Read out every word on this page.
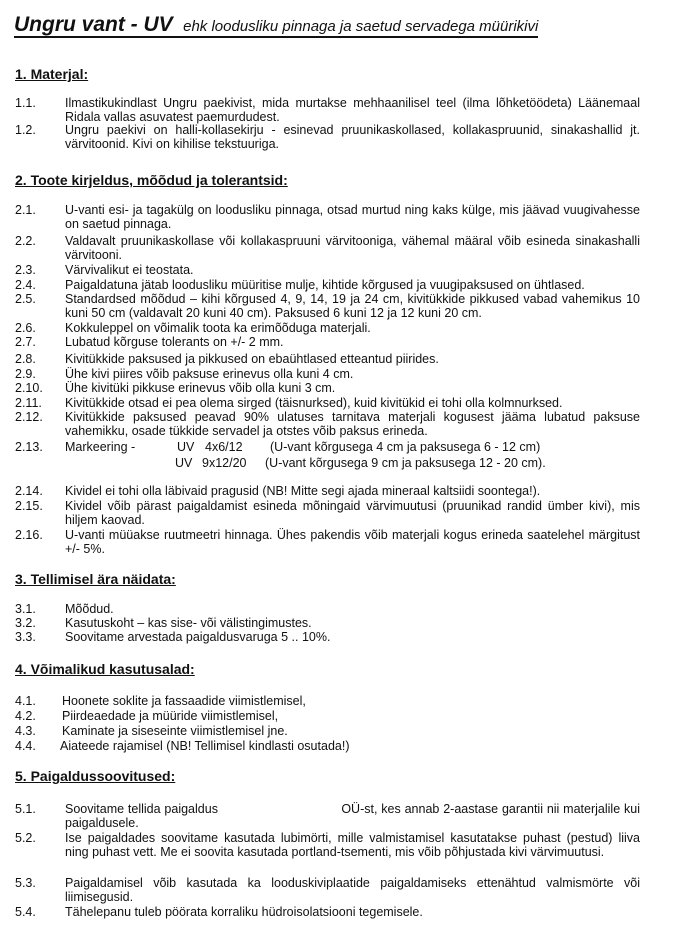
Ungru vant - UV ehk loodusliku pinnaga ja saetud servadega müürikivi
1. Materjal:
1.1.	Ilmastikukindlast Ungru paekivist, mida murtakse mehhaanilisel teel (ilma lõhketöödeta) Läänemaal Ridala vallas asuvatest paemurdudest.
1.2.	Ungru paekivi on halli-kollasekirju - esinevad pruunikaskollased, kollakaspruunid, sinakashallid jt. värvitoonid. Kivi on kihilise tekstuuriga.
2. Toote kirjeldus, mõõdud ja tolerantsid:
2.1.	U-vanti esi- ja tagakülg on loodusliku pinnaga, otsad murtud ning kaks külge, mis jäävad vuugivahesse on saetud pinnaga.
2.2.	Valdavalt pruunikaskollase või kollakaspruuni värvitooniga, vähemal määral võib esineda sinakashalli värvitooni.
2.3.	Värvivalikut ei teostata.
2.4.	Paigaldatuna jätab loodusliku müüritise mulje, kihtide kõrgused ja vuugipaksused on ühtlased.
2.5.	Standardsed mõõdud – kihi kõrgused 4, 9, 14, 19 ja 24 cm, kivitükkide pikkused vabad vahemikus 10 kuni 50 cm (valdavalt 20 kuni 40 cm). Paksused 6 kuni 12 ja 12 kuni 20 cm.
2.6.	Kokkuleppel on võimalik toota ka erimõõduga materjali.
2.7.	Lubatud kõrguse tolerants on +/- 2 mm.
2.8.	Kivitükkide paksused ja pikkused on ebaühtlased etteantud piirides.
2.9.	Ühe kivi piires võib paksuse erinevus olla kuni 4 cm.
2.10.	Ühe kivitüki pikkuse erinevus võib olla kuni 3 cm.
2.11.	Kivitükkide otsad ei pea olema sirged (täisnurksed), kuid kivitükid ei tohi olla kolmnurksed.
2.12.	Kivitükkide paksused peavad 90% ulatuses tarnitava materjali kogusest jääma lubatud paksuse vahemikku, osade tükkide servadel ja otstes võib paksus erineda.
2.13.	Markeering -	UV 4x6/12 (U-vant kõrgusega 4 cm ja paksusega 6 - 12 cm)
UV 9x12/20 (U-vant kõrgusega 9 cm ja paksusega 12 - 20 cm).
2.14.	Kividel ei tohi olla läbivaid pragusid (NB! Mitte segi ajada mineraal kaltsiidi soontega!).
2.15.	Kividel võib pärast paigaldamist esineda mõningaid värvimuutusi (pruunikad randid ümber kivi), mis hiljem kaovad.
2.16.	U-vanti müüakse ruutmeetri hinnaga. Ühes pakendis võib materjali kogus erineda saatelehel märgitust +/- 5%.
3. Tellimisel ära näidata:
3.1.	Mõõdud.
3.2.	Kasutuskoht – kas sise- või välistingimustes.
3.3.	Soovitame arvestada paigaldusvaruga 5 .. 10%.
4. Võimalikud kasutusalad:
4.1.	Hoonete soklite ja fassaadide viimistlemisel,
4.2.	Piirdeaedade ja müüride viimistlemisel,
4.3.	Kaminate ja siseseinte viimistlemisel jne.
4.4.	Aiateede rajamisel (NB! Tellimisel kindlasti osutada!)
5. Paigaldussoovitused:
5.1.	Soovitame tellida paigaldus                                OÜ-st, kes annab 2-aastase garantii nii materjalile kui paigaldusele.
5.2.	Ise paigaldades soovitame kasutada lubimörti, mille valmistamisel kasutatakse puhast (pestud) liiva ning puhast vett. Me ei soovita kasutada portland-tsementi, mis võib põhjustada kivi värvimuutusi.
5.3.	Paigaldamisel võib kasutada ka looduskiviplaatide paigaldamiseks ettenähtud valmismörte või liimisegusid.
5.4.	Tähelepanu tuleb pöörata korraliku hüdroisolatsiooni tegemisele.
